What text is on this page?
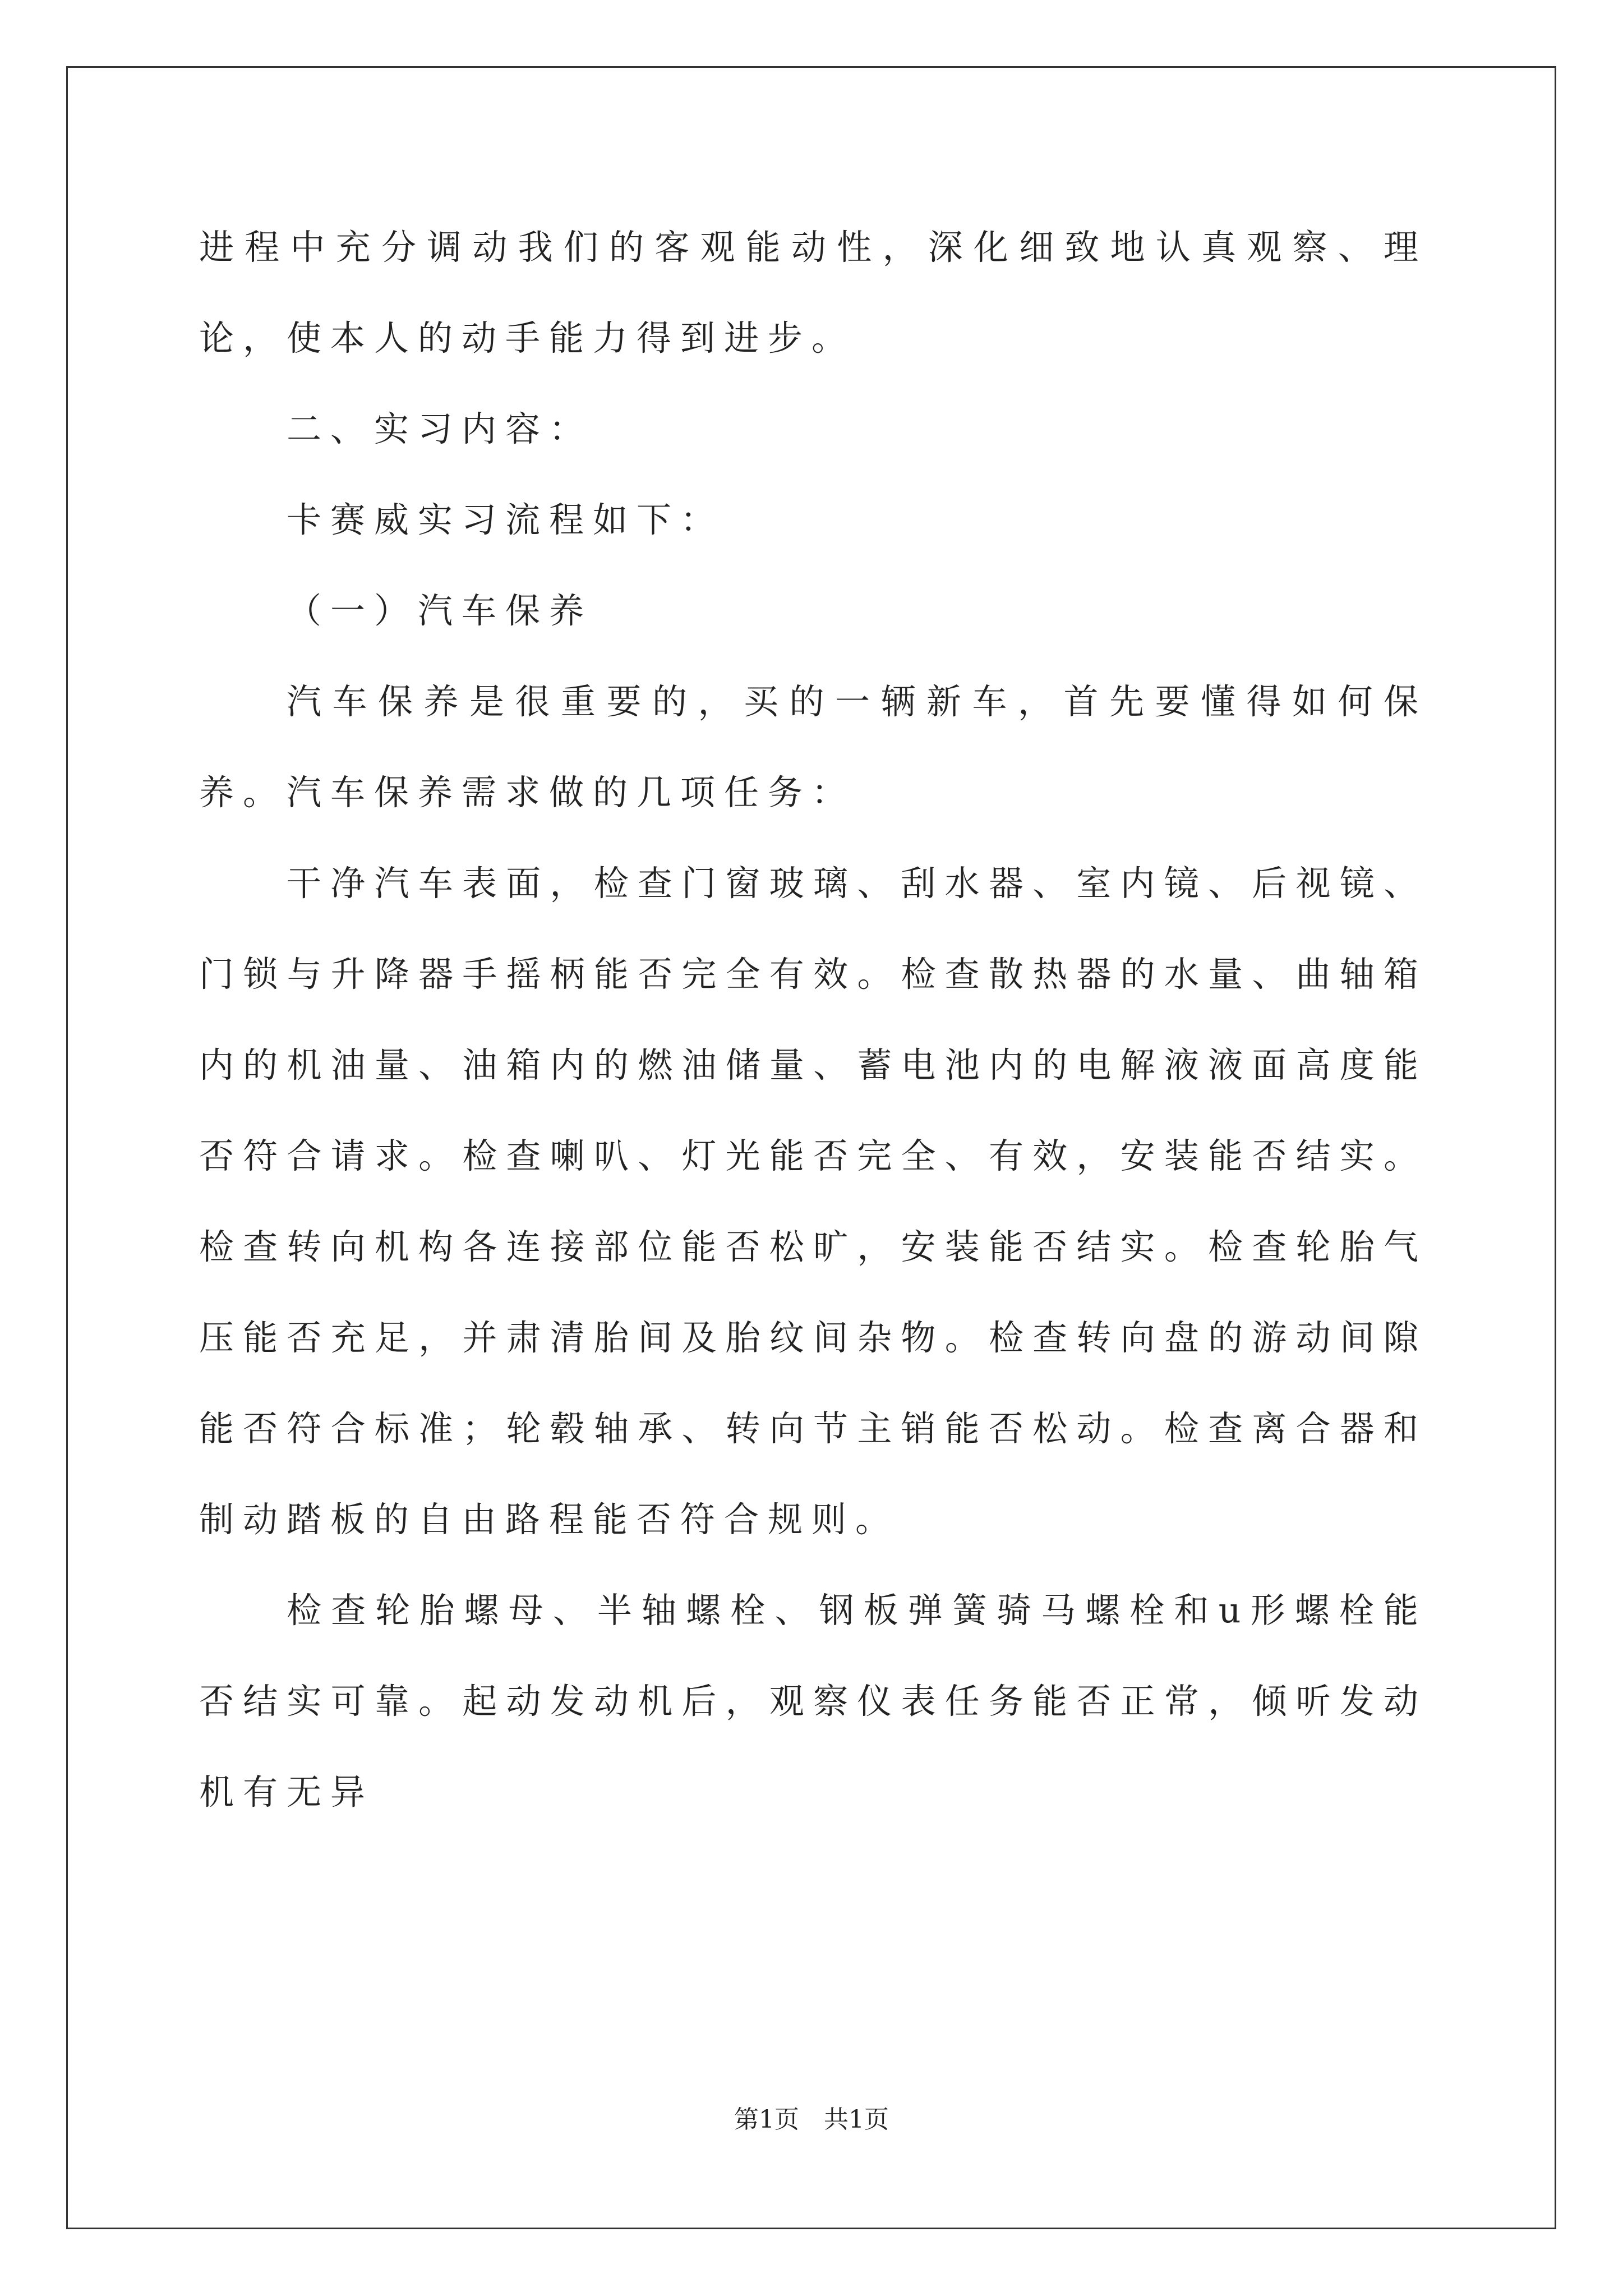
进程中充分调动我们的客观能动性，深化细致地认真观察、理论，使本人的动手能力得到进步。

二、实习内容：

卡赛威实习流程如下：

（一）汽车保养

汽车保养是很重要的，买的一辆新车，首先要懂得如何保养。汽车保养需求做的几项任务：

干净汽车表面，检查门窗玻璃、刮水器、室内镜、后视镜、门锁与升降器手摇柄能否完全有效。检查散热器的水量、曲轴箱内的机油量、油箱内的燃油储量、蓄电池内的电解液液面高度能否符合请求。检查喇叭、灯光能否完全、有效，安装能否结实。检查转向机构各连接部位能否松旷，安装能否结实。检查轮胎气压能否充足，并肃清胎间及胎纹间杂物。检查转向盘的游动间隙能否符合标准；轮毂轴承、转向节主销能否松动。检查离合器和制动踏板的自由路程能否符合规则。

检查轮胎螺母、半轴螺栓、钢板弹簧骑马螺栓和u形螺栓能否结实可靠。起动发动机后，观察仪表任务能否正常，倾听发动机有无异

第1页　共1页
